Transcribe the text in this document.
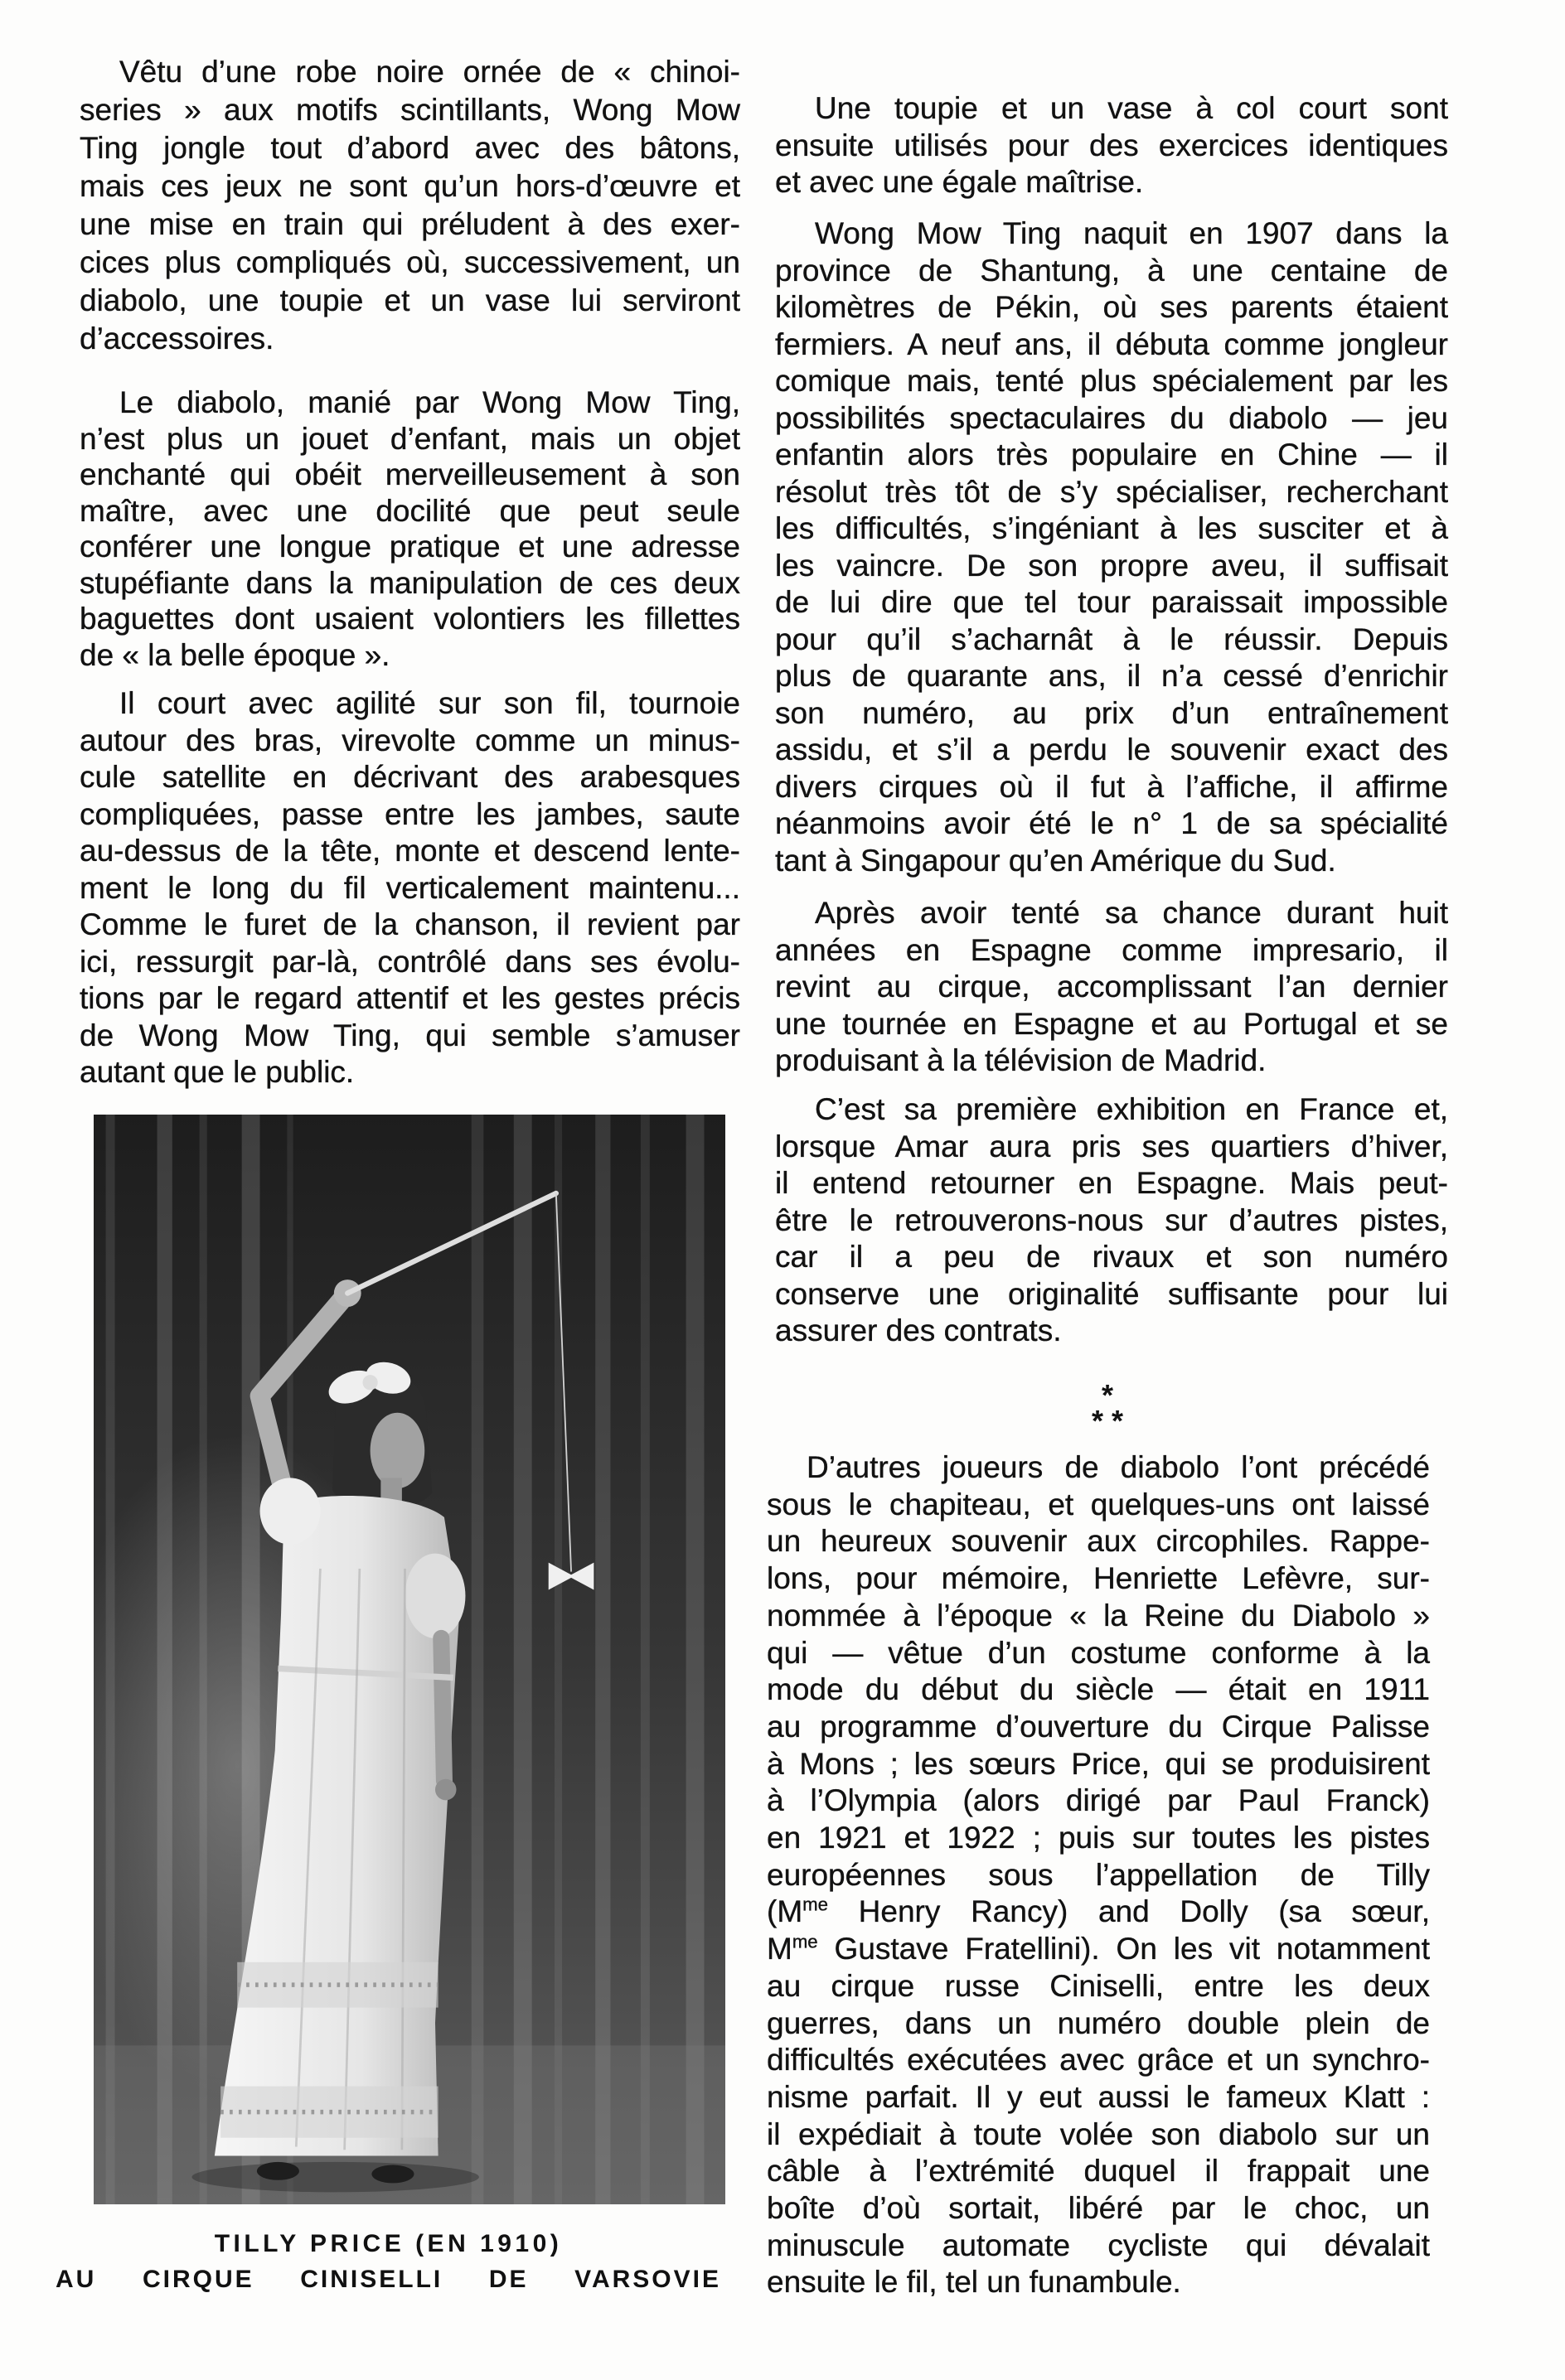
Vêtu d’une robe noire ornée de « chinoi-
series » aux motifs scintillants, Wong Mow
Ting jongle tout d’abord avec des bâtons,
mais ces jeux ne sont qu’un hors-d’œuvre et
une mise en train qui préludent à des exer-
cices plus compliqués où, successivement, un
diabolo, une toupie et un vase lui serviront
d’accessoires.
Le diabolo, manié par Wong Mow Ting,
n’est plus un jouet d’enfant, mais un objet
enchanté qui obéit merveilleusement à son
maître, avec une docilité que peut seule
conférer une longue pratique et une adresse
stupéfiante dans la manipulation de ces deux
baguettes dont usaient volontiers les fillettes
de « la belle époque ».
Il court avec agilité sur son fil, tournoie
autour des bras, virevolte comme un minus-
cule satellite en décrivant des arabesques
compliquées, passe entre les jambes, saute
au-dessus de la tête, monte et descend lente-
ment le long du fil verticalement maintenu...
Comme le furet de la chanson, il revient par
ici, ressurgit par-là, contrôlé dans ses évolu-
tions par le regard attentif et les gestes précis
de Wong Mow Ting, qui semble s’amuser
autant que le public.
TILLY PRICE (EN 1910)
AU CIRQUE CINISELLI DE VARSOVIE
Une toupie et un vase à col court sont
ensuite utilisés pour des exercices identiques
et avec une égale maîtrise.
Wong Mow Ting naquit en 1907 dans la
province de Shantung, à une centaine de
kilomètres de Pékin, où ses parents étaient
fermiers. A neuf ans, il débuta comme jongleur
comique mais, tenté plus spécialement par les
possibilités spectaculaires du diabolo — jeu
enfantin alors très populaire en Chine — il
résolut très tôt de s’y spécialiser, recherchant
les difficultés, s’ingéniant à les susciter et à
les vaincre. De son propre aveu, il suffisait
de lui dire que tel tour paraissait impossible
pour qu’il s’acharnât à le réussir. Depuis
plus de quarante ans, il n’a cessé d’enrichir
son numéro, au prix d’un entraînement
assidu, et s’il a perdu le souvenir exact des
divers cirques où il fut à l’affiche, il affirme
néanmoins avoir été le n° 1 de sa spécialité
tant à Singapour qu’en Amérique du Sud.
Après avoir tenté sa chance durant huit
années en Espagne comme impresario, il
revint au cirque, accomplissant l’an dernier
une tournée en Espagne et au Portugal et se
produisant à la télévision de Madrid.
C’est sa première exhibition en France et,
lorsque Amar aura pris ses quartiers d’hiver,
il entend retourner en Espagne. Mais peut-
être le retrouverons-nous sur d’autres pistes,
car il a peu de rivaux et son numéro
conserve une originalité suffisante pour lui
assurer des contrats.
*
* *
D’autres joueurs de diabolo l’ont précédé
sous le chapiteau, et quelques-uns ont laissé
un heureux souvenir aux circophiles. Rappe-
lons, pour mémoire, Henriette Lefèvre, sur-
nommée à l’époque « la Reine du Diabolo »
qui — vêtue d’un costume conforme à la
mode du début du siècle — était en 1911
au programme d’ouverture du Cirque Palisse
à Mons ; les sœurs Price, qui se produisirent
à l’Olympia (alors dirigé par Paul Franck)
en 1921 et 1922 ; puis sur toutes les pistes
européennes sous l’appellation de Tilly
($M^{me}$ Henry Rancy) and Dolly (sa sœur,
$M^{me}$ Gustave Fratellini). On les vit notamment
au cirque russe Ciniselli, entre les deux
guerres, dans un numéro double plein de
difficultés exécutées avec grâce et un synchro-
nisme parfait. Il y eut aussi le fameux Klatt :
il expédiait à toute volée son diabolo sur un
câble à l’extrémité duquel il frappait une
boîte d’où sortait, libéré par le choc, un
minuscule automate cycliste qui dévalait
ensuite le fil, tel un funambule.
